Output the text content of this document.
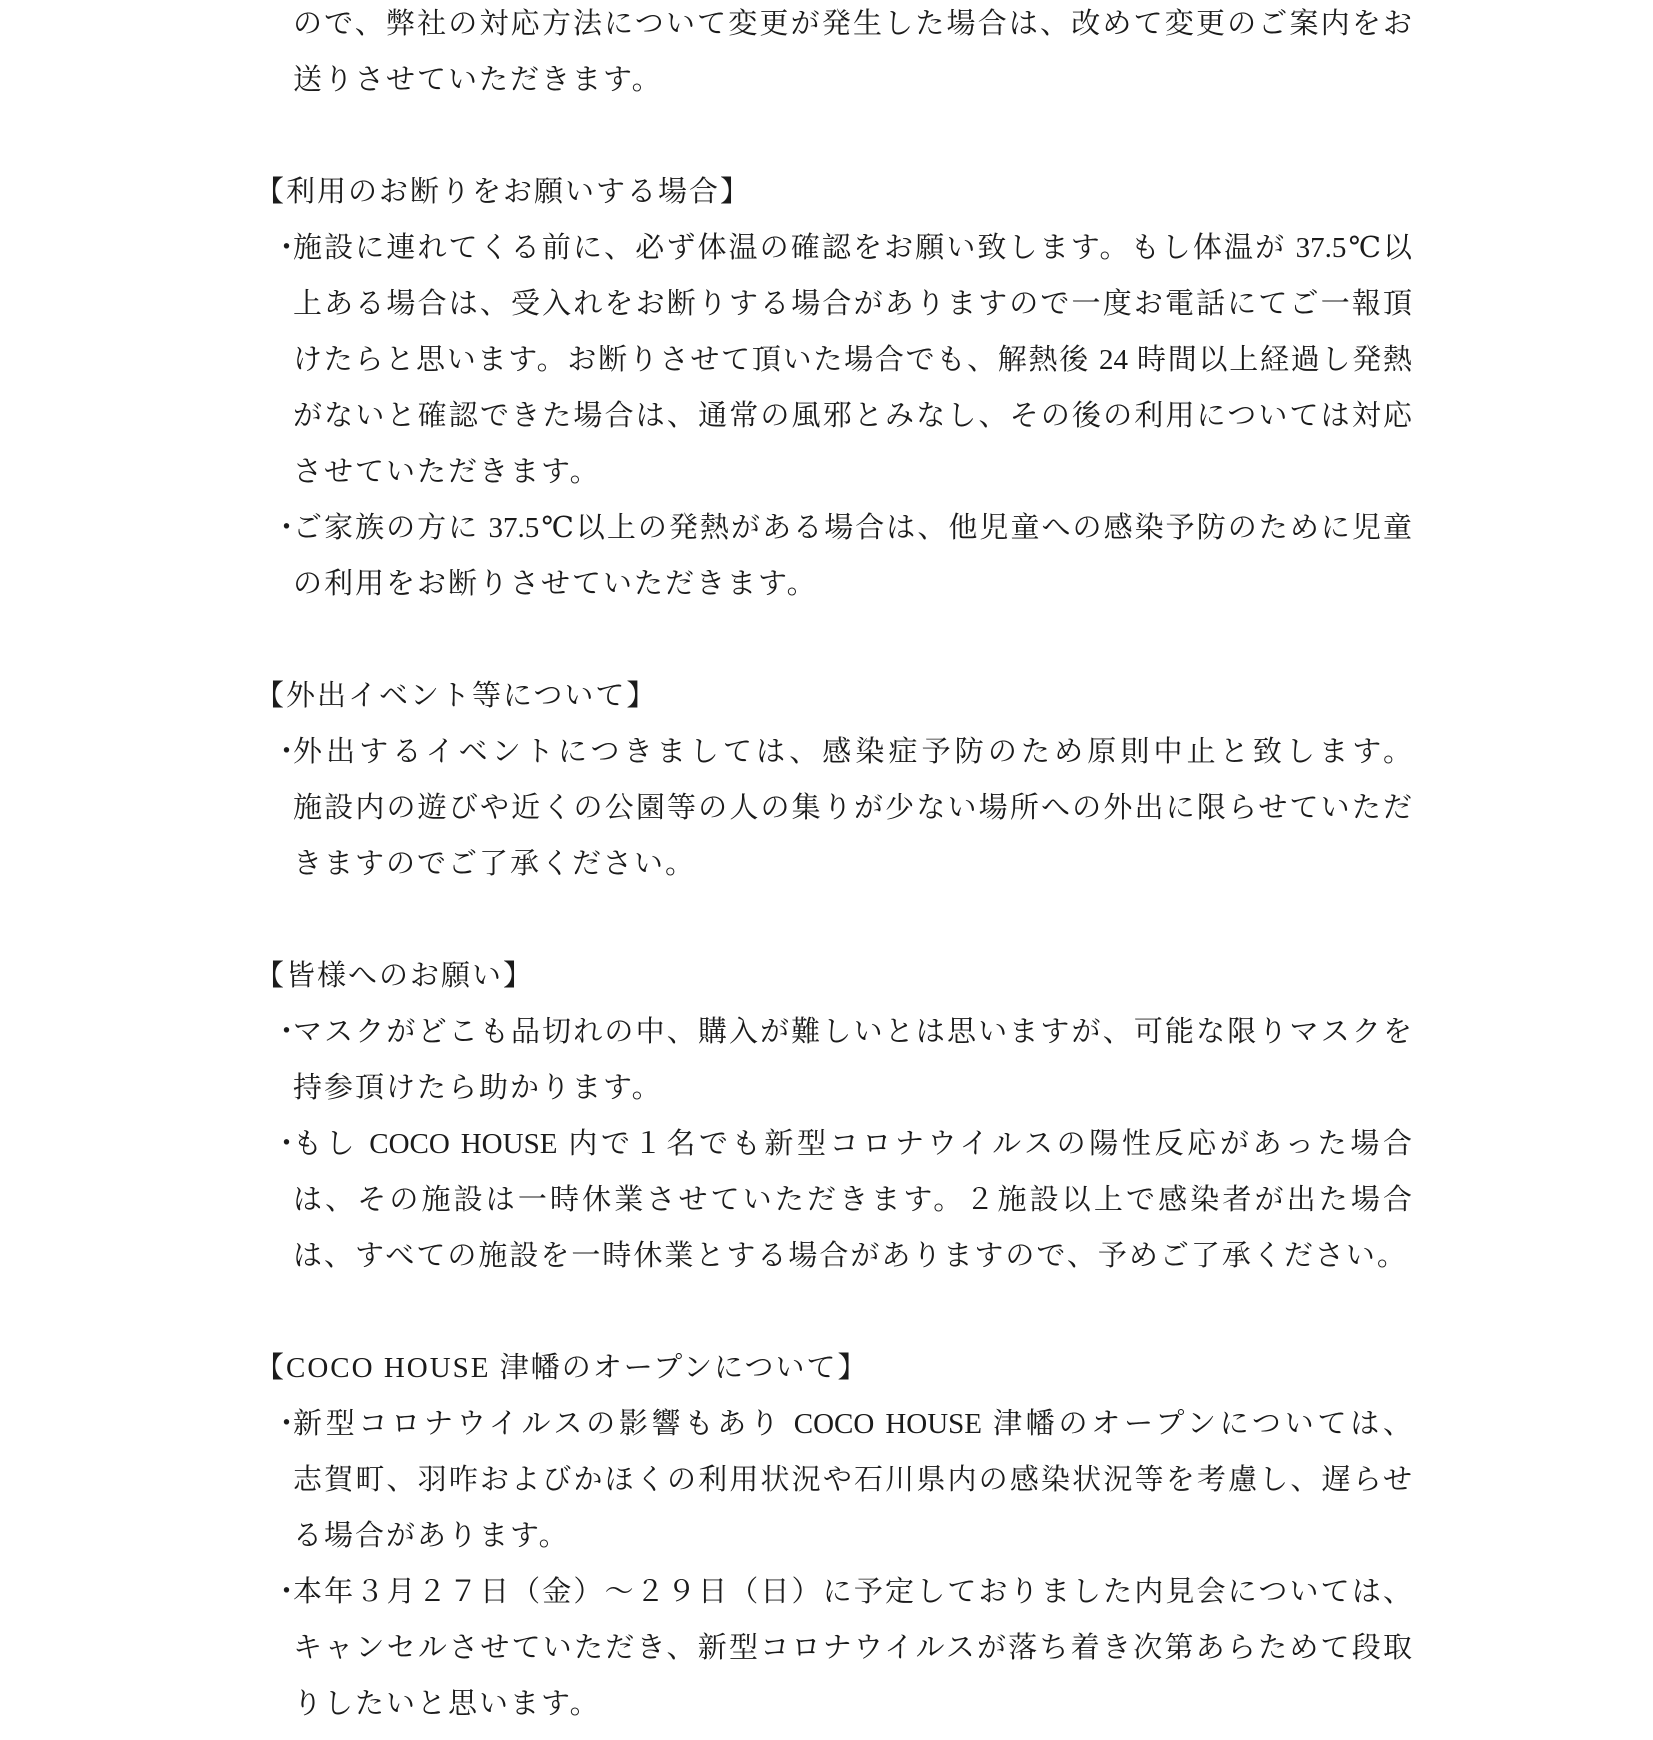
ので、弊社の対応方法について変更が発生した場合は、改めて変更のご案内をお
送りさせていただきます。
【利用のお断りをお願いする場合】
・
施設に連れてくる前に、必ず体温の確認をお願い致します。もし体温が 37.5℃以
上ある場合は、受入れをお断りする場合がありますので一度お電話にてご一報頂
けたらと思います。お断りさせて頂いた場合でも、解熱後 24 時間以上経過し発熱
がないと確認できた場合は、通常の風邪とみなし、その後の利用については対応
させていただきます。
・
ご家族の方に 37.5℃以上の発熱がある場合は、他児童への感染予防のために児童
の利用をお断りさせていただきます。
【外出イベント等について】
・
外出するイベントにつきましては、感染症予防のため原則中止と致します。
施設内の遊びや近くの公園等の人の集りが少ない場所への外出に限らせていただ
きますのでご了承ください。
【皆様へのお願い】
・
マスクがどこも品切れの中、購入が難しいとは思いますが、可能な限りマスクを
持参頂けたら助かります。
・
もし COCO HOUSE 内で１名でも新型コロナウイルスの陽性反応があった場合
は、その施設は一時休業させていただきます。２施設以上で感染者が出た場合
は、すべての施設を一時休業とする場合がありますので、予めご了承ください。
【COCO HOUSE 津幡のオープンについて】
・
新型コロナウイルスの影響もあり COCO HOUSE 津幡のオープンについては、
志賀町、羽咋およびかほくの利用状況や石川県内の感染状況等を考慮し、遅らせ
る場合があります。
・
本年３月２７日（金）～２９日（日）に予定しておりました内見会については、
キャンセルさせていただき、新型コロナウイルスが落ち着き次第あらためて段取
りしたいと思います。
